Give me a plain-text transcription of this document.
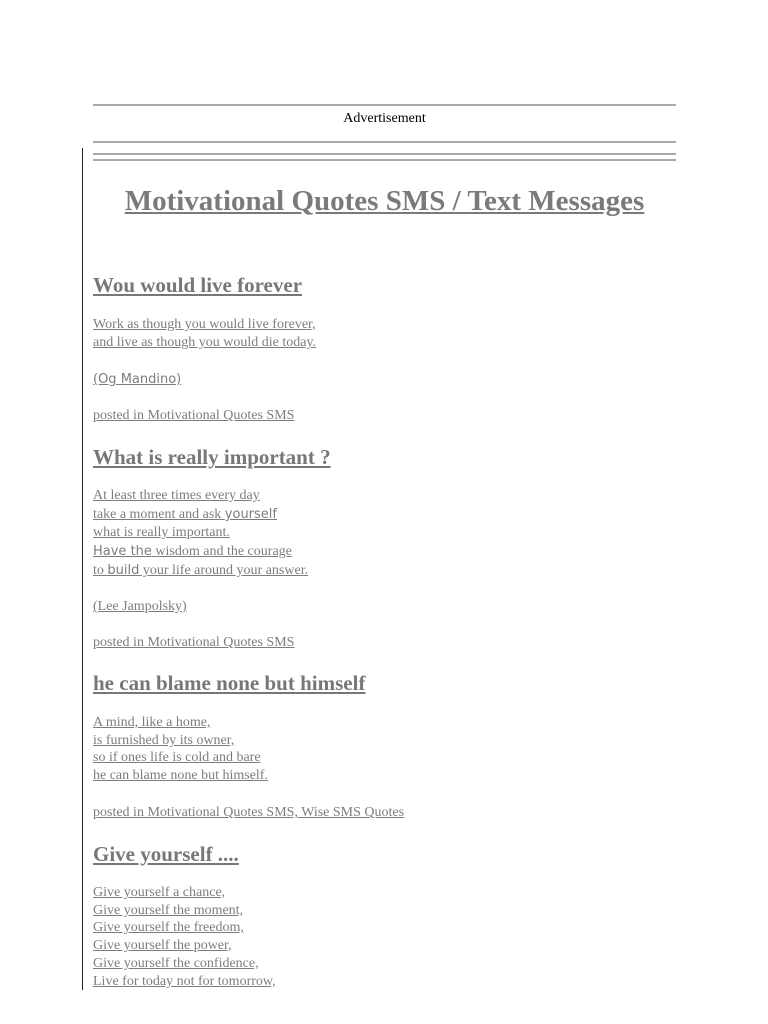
Advertisement
Motivational Quotes SMS / Text Messages
Wou would live forever
Work as though you would live forever,
and live as though you would die today.
(Og Mandino)
posted in Motivational Quotes SMS
What is really important ?
At least three times every day
take a moment and ask yourself
what is really important.
Have the wisdom and the courage
to build your life around your answer.
(Lee Jampolsky)
posted in Motivational Quotes SMS
he can blame none but himself
A mind, like a home,
is furnished by its owner,
so if ones life is cold and bare
he can blame none but himself.
posted in Motivational Quotes SMS, Wise SMS Quotes
Give yourself ....
Give yourself a chance,
Give yourself the moment,
Give yourself the freedom,
Give yourself the power,
Give yourself the confidence,
Live for today not for tomorrow,
